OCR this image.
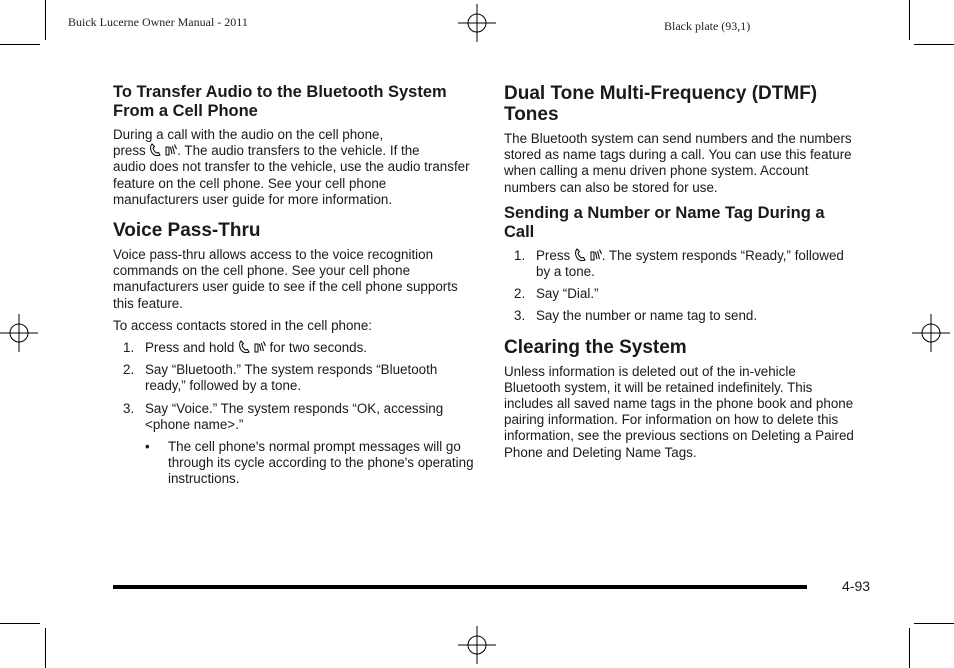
Buick Lucerne Owner Manual - 2011	Black plate (93,1)
To Transfer Audio to the Bluetooth System From a Cell Phone

During a call with the audio on the cell phone,
press . The audio transfers to the vehicle. If the
audio does not transfer to the vehicle, use the audio transfer feature on the cell phone. See your cell phone manufacturers user guide for more information.

Voice Pass-Thru

Voice pass-thru allows access to the voice recognition commands on the cell phone. See your cell phone manufacturers user guide to see if the cell phone supports this feature.

To access contacts stored in the cell phone:

1. Press and hold	for two seconds.
2. Say “Bluetooth.” The system responds “Bluetooth ready,” followed by a tone.
3. Say “Voice.” The system responds “OK, accessing <phone name>.”
• The cell phone's normal prompt messages will go through its cycle according to the phone's operating instructions.
Dual Tone Multi-Frequency (DTMF) Tones

The Bluetooth system can send numbers and the numbers stored as name tags during a call. You can use this feature when calling a menu driven phone system. Account numbers can also be stored for use.

Sending a Number or Name Tag During a Call
1. Press . The system responds “Ready,” followed by a tone.
2. Say “Dial.”
3. Say the number or name tag to send.
Clearing the System

Unless information is deleted out of the in-vehicle Bluetooth system, it will be retained indefinitely. This includes all saved name tags in the phone book and phone pairing information. For information on how to delete this information, see the previous sections on Deleting a Paired Phone and Deleting Name Tags.

4-93
